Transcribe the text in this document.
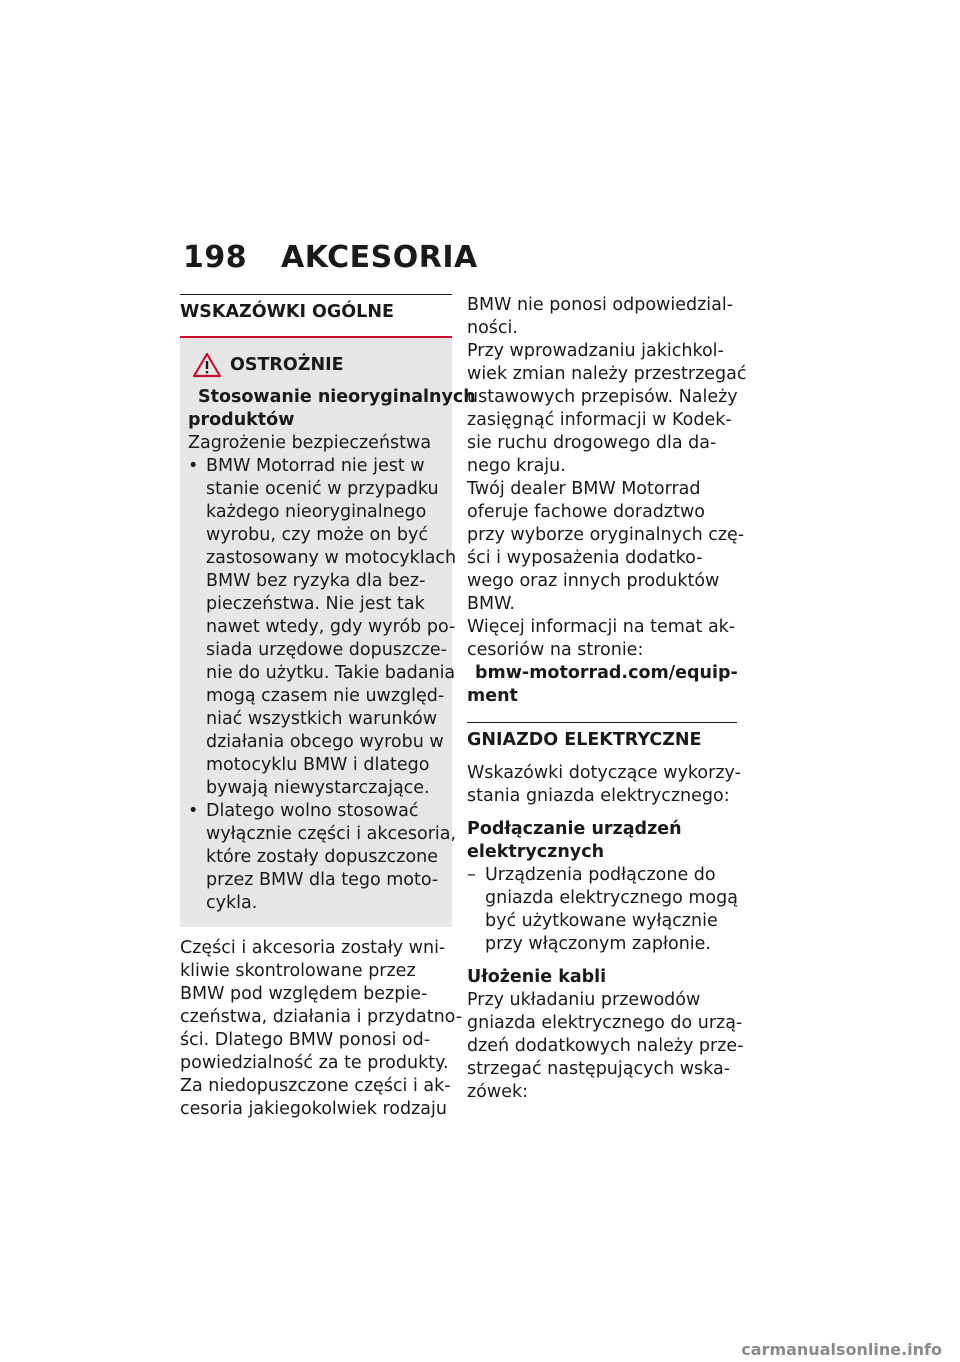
198	AKCESORIA
WSKAZÓWKI OGÓLNE
OSTROŻNIE
Stosowanie nieoryginalnych
produktów
Zagrożenie bezpieczeństwa
• BMW Motorrad nie jest w
stanie ocenić w przypadku
każdego nieoryginalnego
wyrobu, czy może on być
zastosowany w motocyklach
BMW bez ryzyka dla bez-
pieczeństwa. Nie jest tak
nawet wtedy, gdy wyrób po-
siada urzędowe dopuszcze-
nie do użytku. Takie badania
mogą czasem nie uwzględ-
niać wszystkich warunków
działania obcego wyrobu w
motocyklu BMW i dlatego
bywają niewystarczające.
• Dlatego wolno stosować
wyłącznie części i akcesoria,
które zostały dopuszczone
przez BMW dla tego moto-
cykla.
Części i akcesoria zostały wni-
kliwie skontrolowane przez
BMW pod względem bezpie-
czeństwa, działania i przydatno-
ści. Dlatego BMW ponosi od-
powiedzialność za te produkty.
Za niedopuszczone części i ak-
cesoria jakiegokolwiek rodzaju
BMW nie ponosi odpowiedzial-
ności.
Przy wprowadzaniu jakichkol-
wiek zmian należy przestrzegać
ustawowych przepisów. Należy
zasięgnąć informacji w Kodek-
sie ruchu drogowego dla da-
nego kraju.
Twój dealer BMW Motorrad
oferuje fachowe doradztwo
przy wyborze oryginalnych czę-
ści i wyposażenia dodatko-
wego oraz innych produktów
BMW.
Więcej informacji na temat ak-
cesoriów na stronie:
bmw-motorrad.com/equip-
ment
GNIAZDO ELEKTRYCZNE
Wskazówki dotyczące wykorzy-
stania gniazda elektrycznego:
Podłączanie urządzeń
elektrycznych
– Urządzenia podłączone do
gniazda elektrycznego mogą
być użytkowane wyłącznie
przy włączonym zapłonie.
Ułożenie kabli
Przy układaniu przewodów
gniazda elektrycznego do urzą-
dzeń dodatkowych należy prze-
strzegać następujących wska-
zówek:
carmanualsonline.info
